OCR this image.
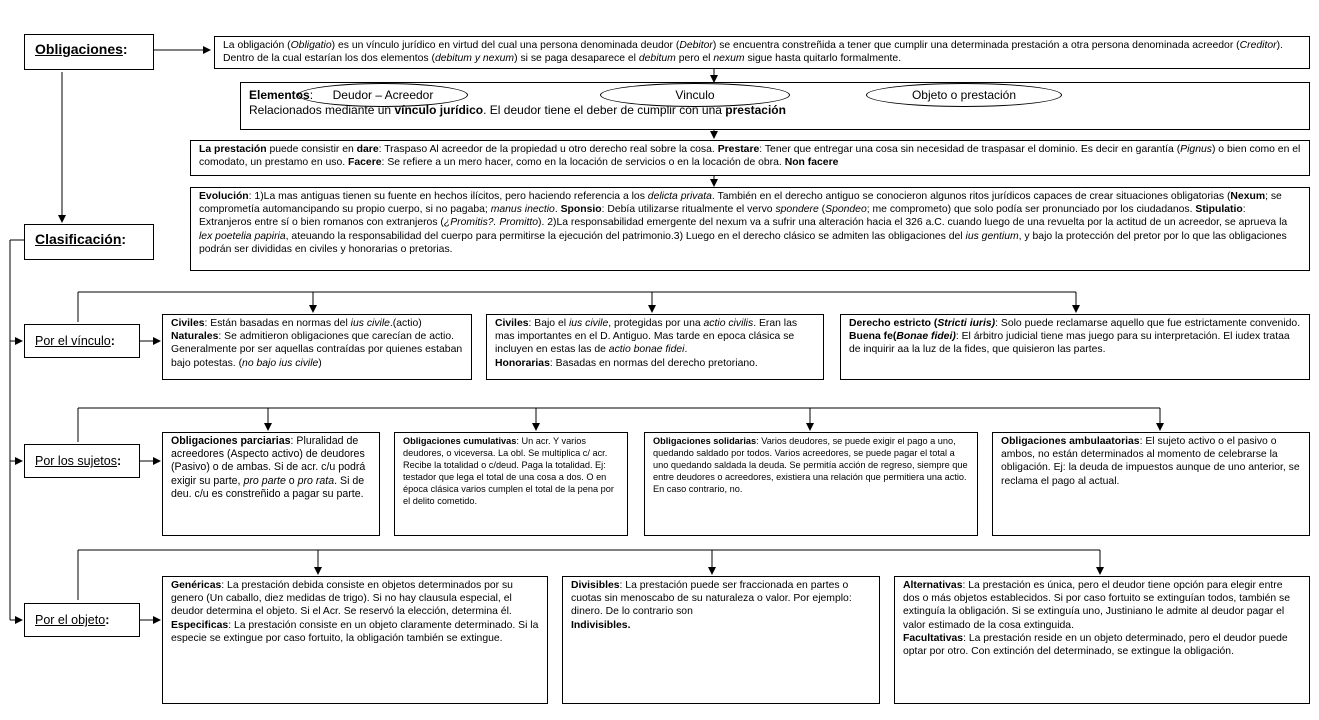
Obligaciones:
Clasificación:
Por el vínculo:
Por los sujetos:
Por el objeto:
La obligación (Obligatio) es un vínculo jurídico en virtud del cual una persona denominada deudor (Debitor) se encuentra constreñida a tener que cumplir una determinada prestación a otra persona denominada acreedor (Creditor). Dentro de la cual estarían los dos elementos (debitum y nexum) si se paga desaparece el debitum pero el nexum sigue hasta quitarlo formalmente.
Elementos:
Relacionados mediante un vínculo jurídico. El deudor tiene el deber de cumplir con una prestación
Deudor – Acreedor	Vinculo	Objeto o prestación
La prestación puede consistir en dare: Traspaso Al acreedor de la propiedad u otro derecho real sobre la cosa. Prestare: Tener que entregar una cosa sin necesidad de traspasar el dominio. Es decir en garantía (Pignus) o bien como en el comodato, un prestamo en uso. Facere: Se refiere a un mero hacer, como en la locación de servicios o en la locación de obra. Non facere
Evolución: 1)La mas antiguas tienen su fuente en hechos ilícitos, pero haciendo referencia a los delicta privata. También en el derecho antiguo se conocieron algunos ritos jurídicos capaces de crear situaciones obligatorias (Nexum; se comprometía automancipando su propio cuerpo, si no pagaba; manus inectio. Sponsio: Debía utilizarse ritualmente el vervo spondere (Spondeo; me comprometo) que solo podía ser pronunciado por los ciudadanos. Stipulatio: Extranjeros entre sí o bien romanos con extranjeros (¿Promitis?. Promitto). 2)La responsabilidad emergente del nexum va a sufrir una alteración hacia el 326 a.C. cuando luego de una revuelta por la actitud de un acreedor, se aprueva la lex poetelia papiria, ateuando la responsabilidad del cuerpo para permitirse la ejecución del patrimonio.3) Luego en el derecho clásico se admiten las obligaciones del ius gentium, y bajo la protección del pretor por lo que las obligaciones podrán ser divididas en civiles y honorarias o pretorias.
Civiles: Están basadas en normas del ius civile.(actio)
Naturales: Se admitieron obligaciones que carecían de actio. Generalmente por ser aquellas contraídas por quienes estaban bajo potestas. (no bajo ius civile)
Civiles: Bajo el ius civile, protegidas por una actio civilis. Eran las mas importantes en el D. Antiguo. Mas tarde en epoca clásica se incluyen en estas las de actio bonae fidei.
Honorarias: Basadas en normas del derecho pretoriano.
Derecho estricto (Stricti iuris): Solo puede reclamarse aquello que fue estrictamente convenido.
Buena fe(Bonae fidei): El árbitro judicial tiene mas juego para su interpretación. El iudex trataa de inquirir aa la luz de la fides, que quisieron las partes.
Obligaciones parciarias: Pluralidad de acreedores (Aspecto activo) de deudores (Pasivo) o de ambas. Si de acr. c/u podrá exigir su parte, pro parte o pro rata. Si de deu. c/u es constreñido a pagar su parte.
Obligaciones cumulativas: Un acr. Y varios deudores, o viceversa. La obl. Se multiplica c/ acr. Recibe la totalidad o c/deud. Paga la totalidad. Ej: testador que lega el total de una cosa a dos. O en época clásica varios cumplen el total de la pena por el delito cometido.
Obligaciones solidarias: Varios deudores, se puede exigir el pago a uno, quedando saldado por todos. Varios acreedores, se puede pagar el total a uno quedando saldada la deuda. Se permitía acción de regreso, siempre que entre deudores o acreedores, existiera una relación que permitiera una actio. En caso contrario, no.
Obligaciones ambulaatorias: El sujeto activo o el pasivo o ambos, no están determinados al momento de celebrarse la obligación. Ej: la deuda de impuestos aunque de uno anterior, se reclama el pago al actual.
Genéricas: La prestación debida consiste en objetos determinados por su genero (Un caballo, diez medidas de trigo). Si no hay clausula especial, el deudor determina el objeto. Si el Acr. Se reservó la elección, determina él.
Especificas: La prestación consiste en un objeto claramente determinado. Si la especie se extingue por caso fortuito, la obligación también se extingue.
Divisibles: La prestación puede ser fraccionada en partes o cuotas sin menoscabo de su naturaleza o valor. Por ejemplo: dinero. De lo contrario son
Indivisibles.
Alternativas: La prestación es única, pero el deudor tiene opción para elegir entre dos o más objetos establecidos. Si por caso fortuito se extinguían todos, también se extinguía la obligación. Si se extinguía uno, Justiniano le admite al deudor pagar el valor estimado de la cosa extinguida.
Facultativas: La prestación reside en un objeto determinado, pero el deudor puede optar por otro. Con extinción del determinado, se extingue la obligación.
